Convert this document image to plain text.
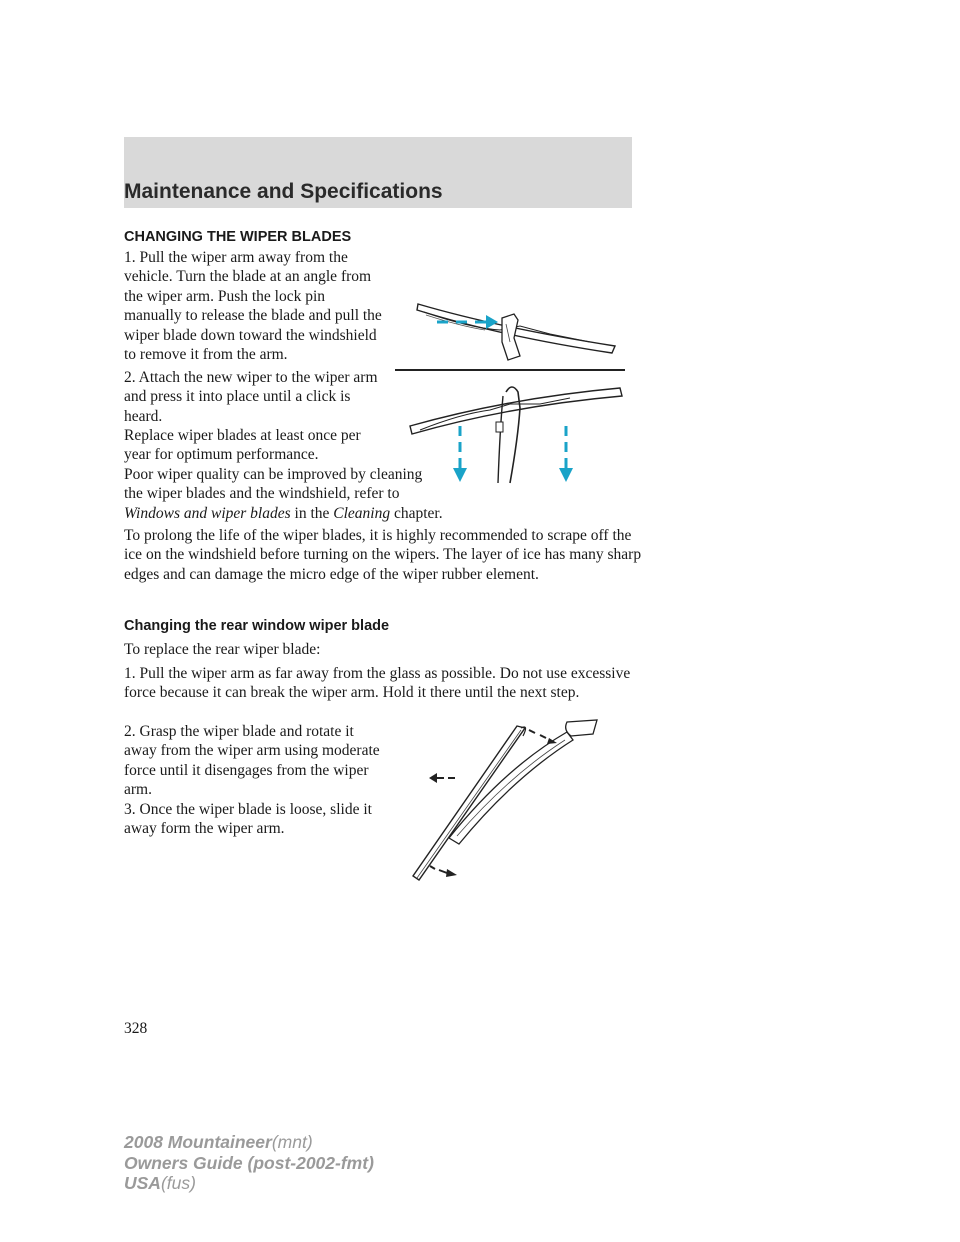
Maintenance and Specifications
CHANGING THE WIPER BLADES

1. Pull the wiper arm away from the vehicle. Turn the blade at an angle from the wiper arm. Push the lock pin manually to release the blade and pull the wiper blade down toward the windshield to remove it from the arm.

2. Attach the new wiper to the wiper arm and press it into place until a click is heard.

Replace wiper blades at least once per year for optimum performance.

Poor wiper quality can be improved by cleaning the wiper blades and the windshield, refer to Windows and wiper blades in the Cleaning chapter.

To prolong the life of the wiper blades, it is highly recommended to scrape off the ice on the windshield before turning on the wipers. The layer of ice has many sharp edges and can damage the micro edge of the wiper rubber element.

Changing the rear window wiper blade

To replace the rear wiper blade:

1. Pull the wiper arm as far away from the glass as possible. Do not use excessive force because it can break the wiper arm. Hold it there until the next step.

2. Grasp the wiper blade and rotate it away from the wiper arm using moderate force until it disengages from the wiper arm.

3. Once the wiper blade is loose, slide it away form the wiper arm.

328
2008 Mountaineer(mnt)
Owners Guide (post-2002-fmt)
USA(fus)
